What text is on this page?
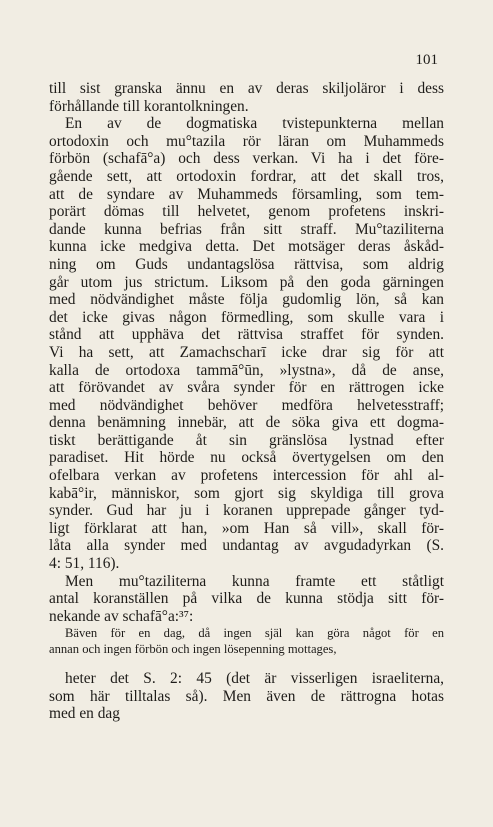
101
till sist granska ännu en av deras skiljoläror i dess
förhållande till korantolkningen.
En av de dogmatiska tvistepunkterna mellan
ortodoxin och mu°tazila rör läran om Muhammeds
förbön (schafā°a) och dess verkan. Vi ha i det före-
gående sett, att ortodoxin fordrar, att det skall tros,
att de syndare av Muhammeds församling, som tem-
porärt dömas till helvetet, genom profetens inskri-
dande kunna befrias från sitt straff. Mu°taziliterna
kunna icke medgiva detta. Det motsäger deras åskåd-
ning om Guds undantagslösa rättvisa, som aldrig
går utom jus strictum. Liksom på den goda gärningen
med nödvändighet måste följa gudomlig lön, så kan
det icke givas någon förmedling, som skulle vara i
stånd att upphäva det rättvisa straffet för synden.
Vi ha sett, att Zamachscharī icke drar sig för att
kalla de ortodoxa tammā°ūn, »lystna», då de anse,
att förövandet av svåra synder för en rättrogen icke
med nödvändighet behöver medföra helvetesstraff;
denna benämning innebär, att de söka giva ett dogma-
tiskt berättigande åt sin gränslösa lystnad efter
paradiset. Hit hörde nu också övertygelsen om den
ofelbara verkan av profetens intercession för ahl al-
kabā°ir, människor, som gjort sig skyldiga till grova
synder. Gud har ju i koranen upprepade gånger tyd-
ligt förklarat att han, »om Han så vill», skall för-
låta alla synder med undantag av avgudadyrkan (S.
4: 51, 116).
Men mu°taziliterna kunna framte ett ståtligt
antal koranställen på vilka de kunna stödja sitt för-
nekande av schafā°a:³⁷:
Bäven för en dag, då ingen själ kan göra något för en
annan och ingen förbön och ingen lösepenning mottages,
heter det S. 2: 45 (det är visserligen israeliterna,
som här tilltalas så). Men även de rättrogna hotas
med en dag
